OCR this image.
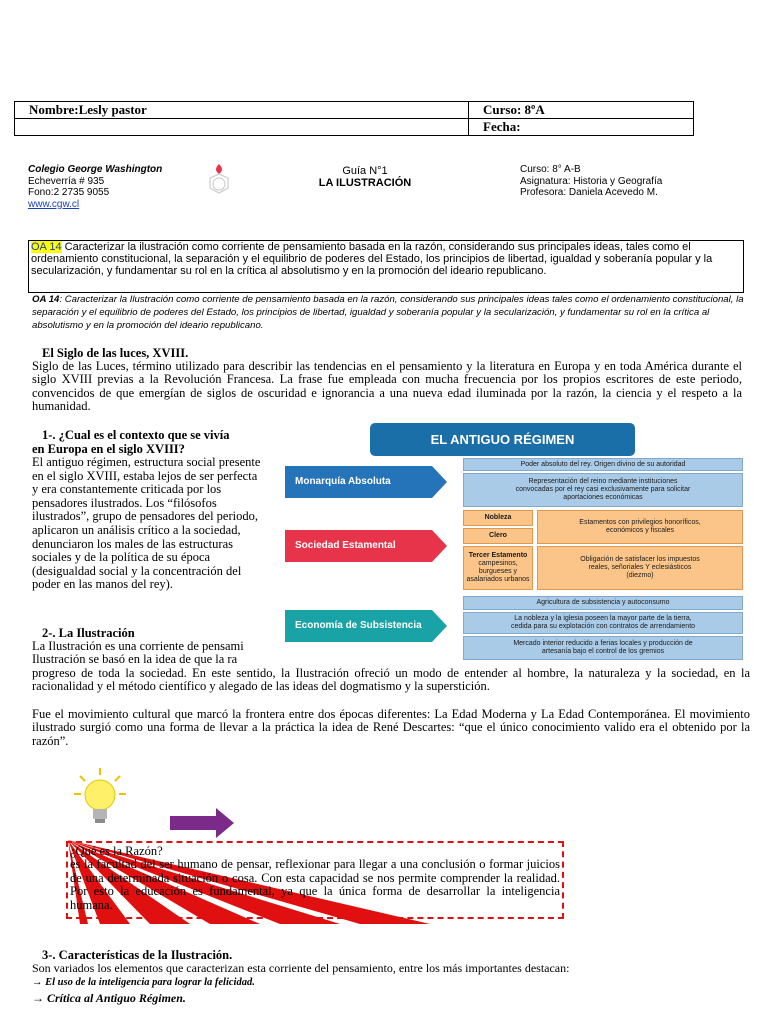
Nombre:Lesly pastor	Curso: 8ºA
	Fecha:
Colegio George Washington
Echeverría # 935
Fono:2 2735 9055
www.cgw.cl
Guía N°1
LA ILUSTRACIÓN
Curso: 8° A-B
Asignatura: Historia y Geografía
Profesora: Daniela Acevedo M.
OA 14 Caracterizar la ilustración como corriente de pensamiento basada en la razón, considerando sus principales ideas, tales como el ordenamiento constitucional, la separación y el equilibrio de poderes del Estado, los principios de libertad, igualdad y soberanía popular y la secularización, y fundamentar su rol en la crítica al absolutismo y en la promoción del ideario republicano.
OA 14: Caracterizar la Ilustración como corriente de pensamiento basada en la razón, considerando sus principales ideas tales como el ordenamiento constitucional, la separación y el equilibrio de poderes del Estado, los principios de libertad, igualdad y soberanía popular y la secularización, y fundamentar su rol en la crítica al absolutismo y en la promoción del ideario republicano.
El Siglo de las luces, XVIII.
Siglo de las Luces, término utilizado para describir las tendencias en el pensamiento y la literatura en Europa y en toda América durante el siglo XVIII previas a la Revolución Francesa. La frase fue empleada con mucha frecuencia por los propios escritores de este periodo, convencidos de que emergían de siglos de oscuridad e ignorancia a una nueva edad iluminada por la razón, la ciencia y el respeto a la humanidad.
1-. ¿Cual es el contexto que se vivía
en Europa en el siglo XVIII?
El antiguo régimen, estructura social presente en el siglo XVIII, estaba lejos de ser perfecta y era constantemente criticada por los pensadores ilustrados. Los “filósofos ilustrados”, grupo de pensadores del periodo, aplicaron un análisis crítico a la sociedad, denunciaron los males de las estructuras sociales y de la política de su época (desigualdad social y la concentración del poder en las manos del rey).
EL ANTIGUO RÉGIMEN
Monarquía Absoluta
Sociedad Estamental
Economía de Subsistencia
Poder absoluto del rey. Origen divino de su autoridad
Representación del reino mediante instituciones convocadas por el rey casi exclusivamente para solicitar aportaciones económicas
Nobleza
Estamentos con privilegios honoríficos, económicos y fiscales
Clero
Tercer Estamento
campesinos, burgueses y asalariados urbanos
Obligación de satisfacer los impuestos reales, señoriales Y eclesiásticos (diezmo)
Agricultura de subsistencia y autoconsumo
La nobleza y la iglesia poseen la mayor parte de la tierra, cedida para su explotación con contratos de arrendamiento
Mercado interior reducido a ferias locales y producción de artesanía bajo el control de los gremios
2-. La Ilustración
La Ilustración es una corriente de pensami
Ilustración se basó en la idea de que la ra
progreso de toda la sociedad. En este sentido, la Ilustración ofreció un modo de entender al hombre, la naturaleza y la sociedad, en la racionalidad y el método científico y alegado de las ideas del dogmatismo y la superstición.
Fue el movimiento cultural que marcó la frontera entre dos épocas diferentes: La Edad Moderna y La Edad Contemporánea. El movimiento ilustrado surgió como una forma de llevar a la práctica la idea de René Descartes: “que el único conocimiento valido era el obtenido por la razón”.
¿Qué es la Razón?
es la facultad del ser humano de pensar, reflexionar para llegar a una conclusión o formar juicios de una determinada situación o cosa. Con esta capacidad se nos permite comprender la realidad. Por esto la educación es fundamental, ya que la única forma de desarrollar la inteligencia humana.
3-. Características de la Ilustración.
Son variados los elementos que caracterizan esta corriente del pensamiento, entre los más importantes destacan:
→ El uso de la inteligencia para lograr la felicidad.
→ Crítica al Antiguo Régimen.
